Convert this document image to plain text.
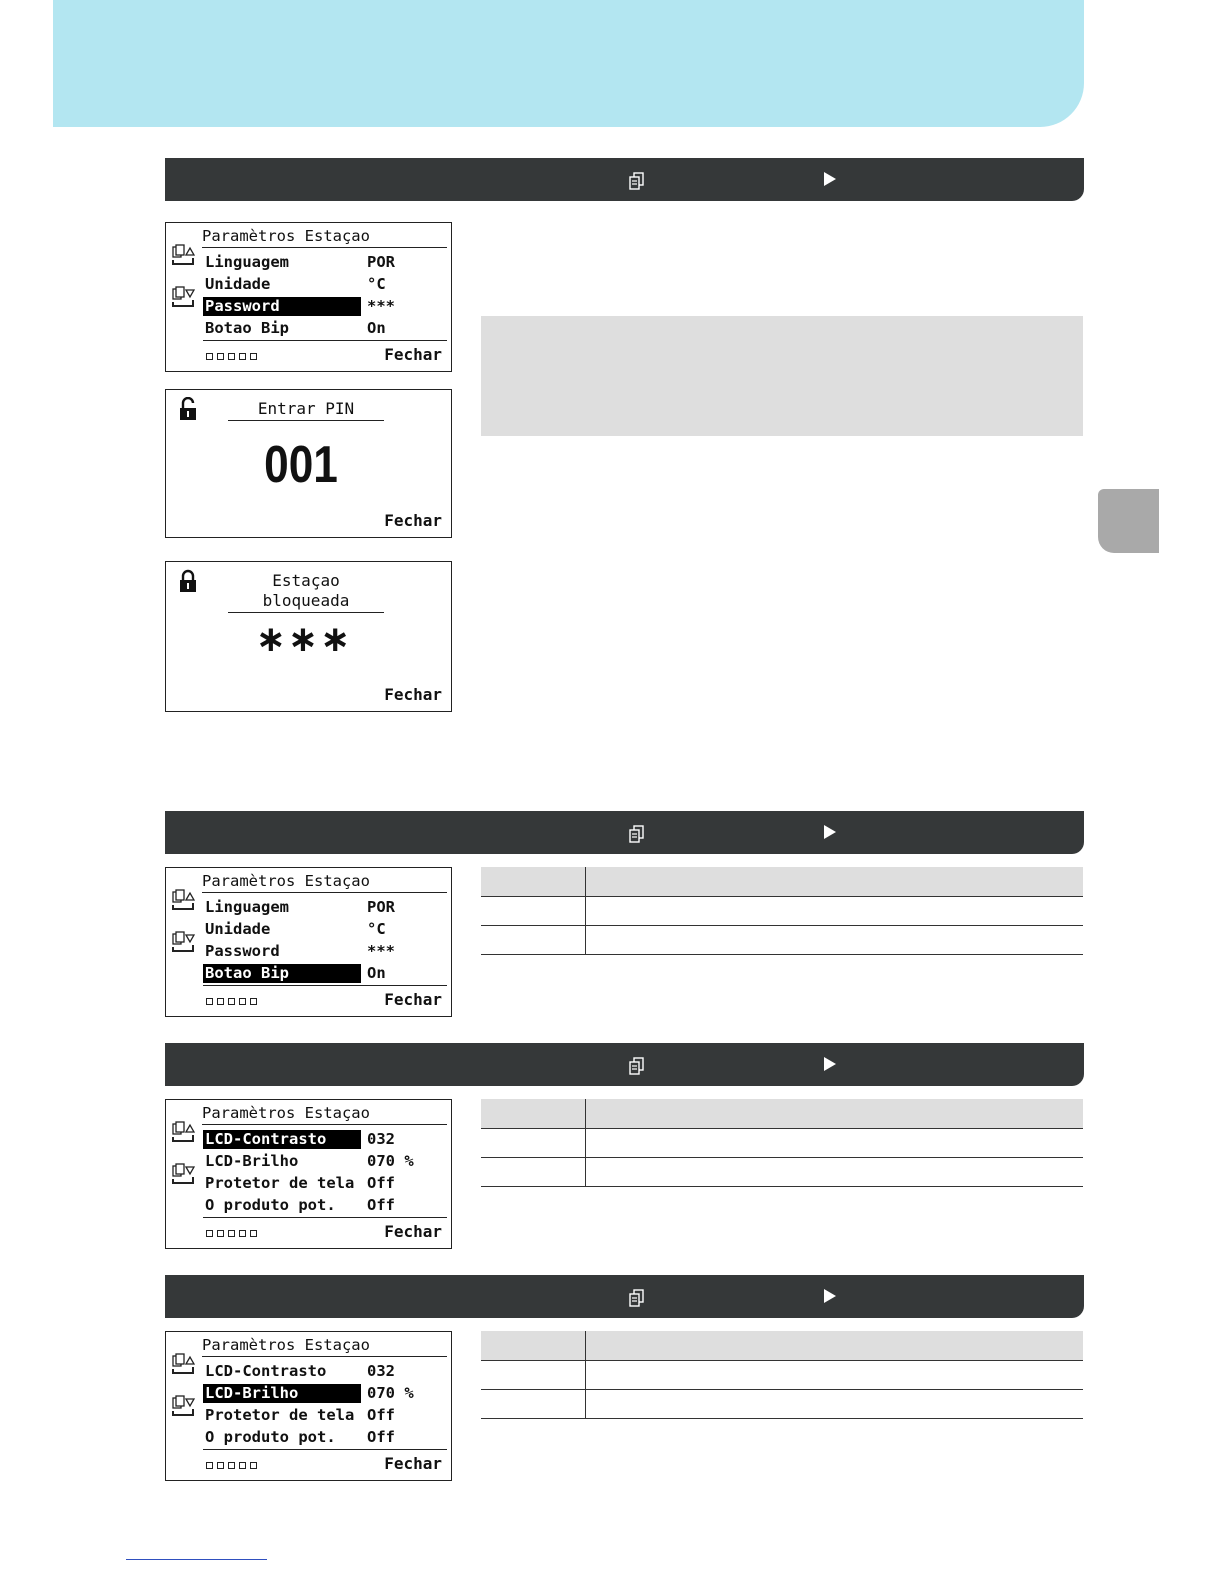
Paramètros Estaçao
Linguagem	POR
Unidade	°C
Password	***
Botao Bip	On
Fechar
Entrar PIN
001
Fechar
Estaçao bloqueada
∗∗∗
Fechar
Paramètros Estaçao
Linguagem	POR
Unidade	°C
Password	***
Botao Bip	On
Fechar
Paramètros Estaçao
LCD-Contrasto	032
LCD-Brilho	070 %
Protetor de tela Off
O produto pot.	Off
Fechar
Paramètros Estaçao
LCD-Contrasto	032
LCD-Brilho	070 %
Protetor de tela Off
O produto pot.	Off
Fechar
